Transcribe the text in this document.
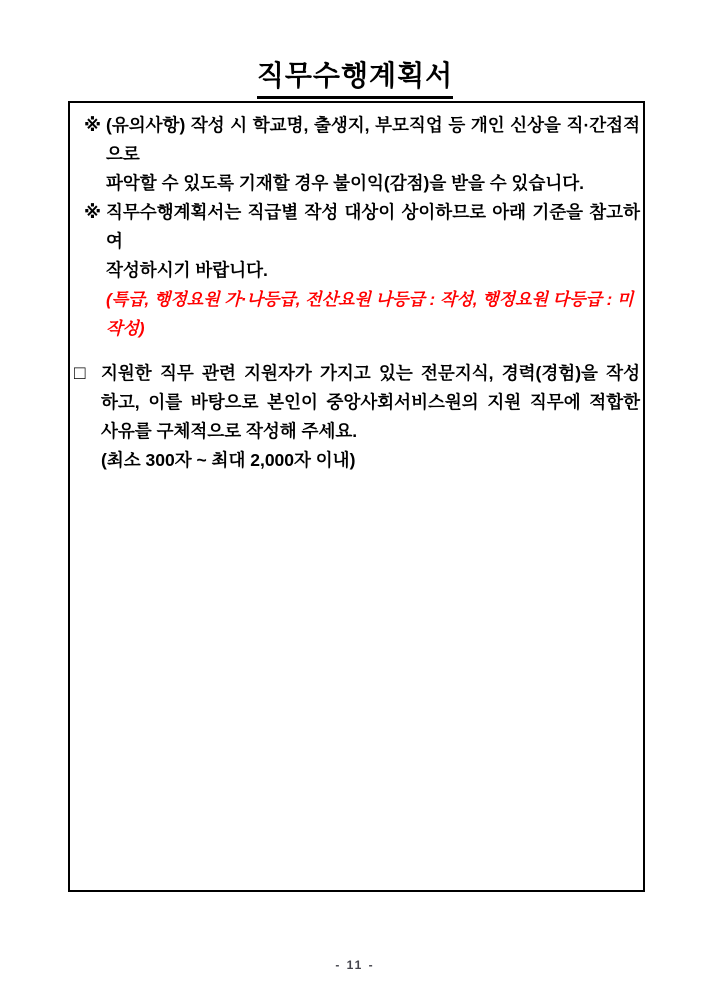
직무수행계획서
※ (유의사항) 작성 시 학교명, 출생지, 부모직업 등 개인 신상을 직·간접적으로
파악할 수 있도록 기재할 경우 불이익(감점)을 받을 수 있습니다.
※ 직무수행계획서는 직급별 작성 대상이 상이하므로 아래 기준을 참고하여
작성하시기 바랍니다.
(특급, 행정요원 가·나등급, 전산요원 나등급 : 작성, 행정요원 다등급 : 미작성)
□ 지원한 직무 관련 지원자가 가지고 있는 전문지식, 경력(경험)을 작성
하고, 이를 바탕으로 본인이 중앙사회서비스원의 지원 직무에 적합한
사유를 구체적으로 작성해 주세요.
(최소 300자 ~ 최대 2,000자 이내)
- 11 -
